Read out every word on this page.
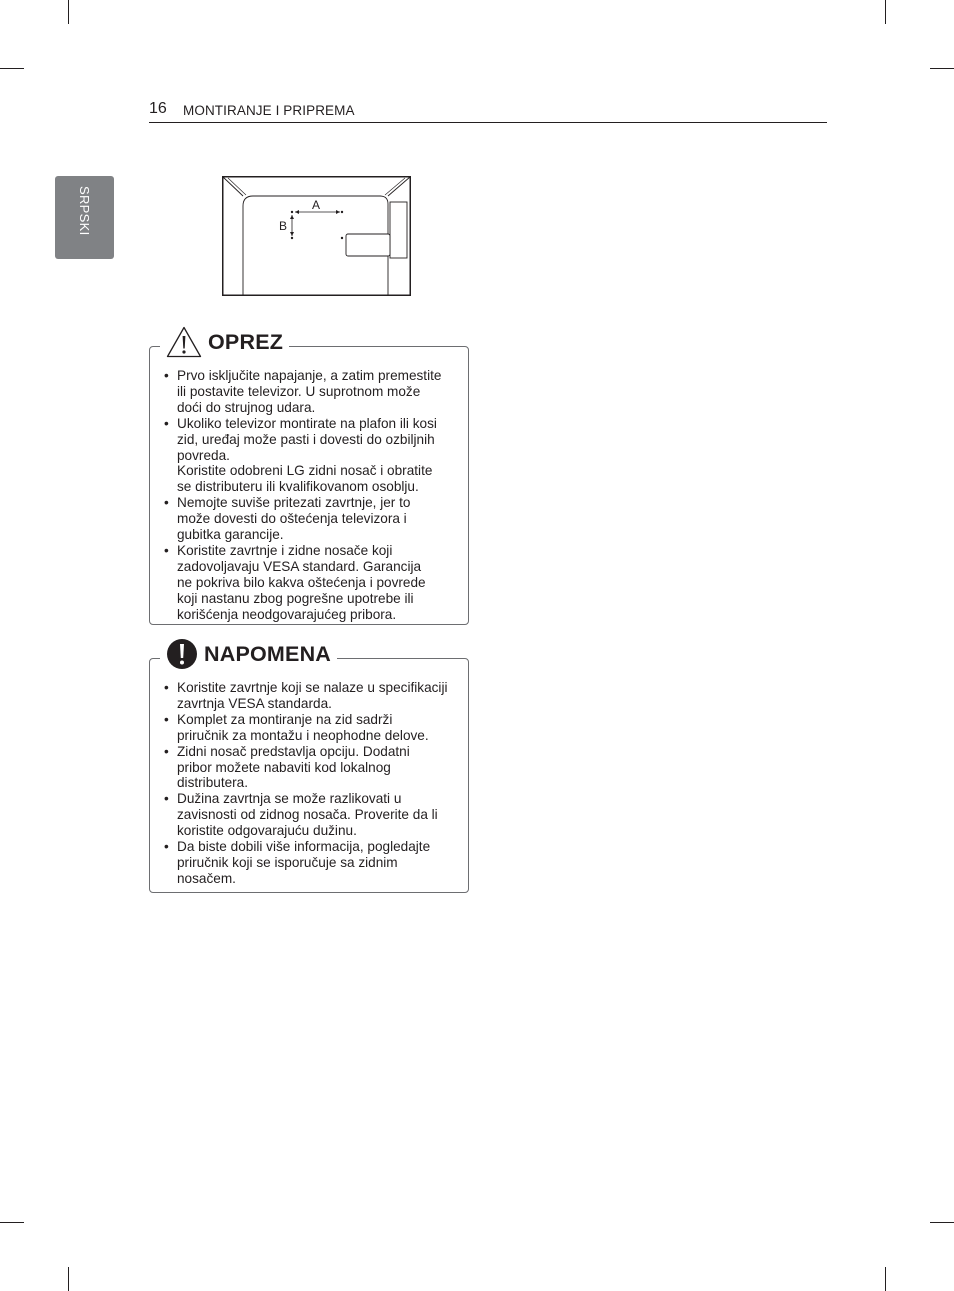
16 MONTIRANJE I PRIPREMA
SRPSKI	A
B
OPREZ
• Prvo isključite napajanje, a zatim premestite
ili postavite televizor. U suprotnom može
doći do strujnog udara.
• Ukoliko televizor montirate na plafon ili kosi
zid, uređaj može pasti i dovesti do ozbiljnih
povreda.
Koristite odobreni LG zidni nosač i obratite
se distributeru ili kvalifikovanom osoblju.
• Nemojte suviše pritezati zavrtnje, jer to
može dovesti do oštećenja televizora i
gubitka garancije.
• Koristite zavrtnje i zidne nosače koji
zadovoljavaju VESA standard. Garancija
ne pokriva bilo kakva oštećenja i povrede
koji nastanu zbog pogrešne upotrebe ili
korišćenja neodgovarajućeg pribora.
NAPOMENA
• Koristite zavrtnje koji se nalaze u specifikaciji
zavrtnja VESA standarda.
• Komplet za montiranje na zid sadrži
priručnik za montažu i neophodne delove.
• Zidni nosač predstavlja opciju. Dodatni
pribor možete nabaviti kod lokalnog
distributera.
• Dužina zavrtnja se može razlikovati u
zavisnosti od zidnog nosača. Proverite da li
koristite odgovarajuću dužinu.
• Da biste dobili više informacija, pogledajte
priručnik koji se isporučuje sa zidnim
nosačem.
